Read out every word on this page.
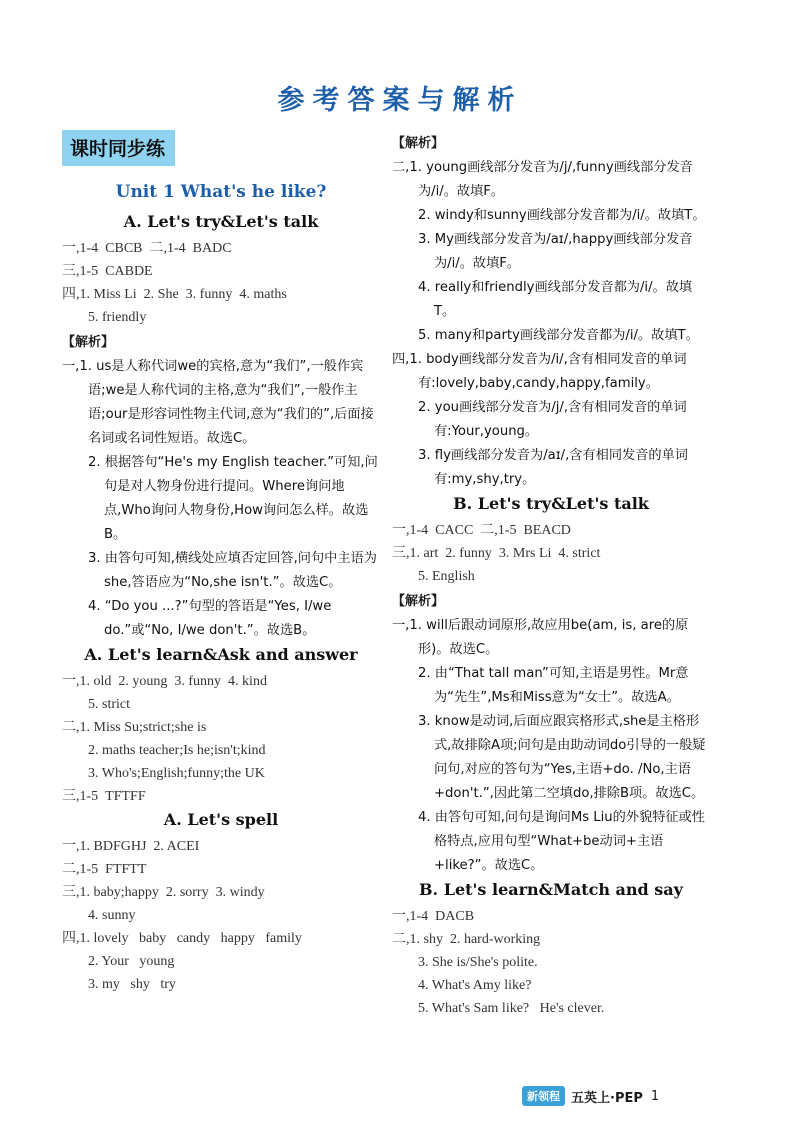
参考答案与解析
课时同步练
Unit 1 What's he like?
A. Let's try&Let's talk
一,1-4  CBCB  二,1-4  BADC
三,1-5  CABDE
四,1. Miss Li  2. She  3. funny  4. maths
5. friendly
【解析】
一,1. us是人称代词we的宾格,意为“我们”,一般作宾语;we是人称代词的主格,意为“我们”,一般作主语;our是形容词性物主代词,意为“我们的”,后面接名词或名词性短语。故选C。
2. 根据答句“He's my English teacher.”可知,问句是对人物身份进行提问。Where询问地点,Who询问人物身份,How询问怎么样。故选B。
3. 由答句可知,横线处应填否定回答,问句中主语为she,答语应为“No,she isn't.”。故选C。
4. “Do you ...?”句型的答语是“Yes, I/we do.”或“No, I/we don't.”。故选B。
A. Let's learn&Ask and answer
一,1. old  2. young  3. funny  4. kind
5. strict
二,1. Miss Su;strict;she is
2. maths teacher;Is he;isn't;kind
3. Who's;English;funny;the UK
三,1-5  TFTFF
A. Let's spell
一,1. BDFGHJ  2. ACEI
二,1-5  FTFTT
三,1. baby;happy  2. sorry  3. windy
4. sunny
四,1. lovely   baby   candy   happy   family
2. Your   young
3. my   shy   try
【解析】
二,1. young画线部分发音为/j/,funny画线部分发音为/i/。故填F。
2. windy和sunny画线部分发音都为/i/。故填T。
3. My画线部分发音为/aɪ/,happy画线部分发音为/i/。故填F。
4. really和friendly画线部分发音都为/i/。故填T。
5. many和party画线部分发音都为/i/。故填T。
四,1. body画线部分发音为/i/,含有相同发音的单词有:lovely,baby,candy,happy,family。
2. you画线部分发音为/j/,含有相同发音的单词有:Your,young。
3. fly画线部分发音为/aɪ/,含有相同发音的单词有:my,shy,try。
B. Let's try&Let's talk
一,1-4  CACC  二,1-5  BEACD
三,1. art  2. funny  3. Mrs Li  4. strict
5. English
【解析】
一,1. will后跟动词原形,故应用be(am, is, are的原形)。故选C。
2. 由“That tall man”可知,主语是男性。Mr意为“先生”,Ms和Miss意为“女士”。故选A。
3. know是动词,后面应跟宾格形式,she是主格形式,故排除A项;问句是由助动词do引导的一般疑问句,对应的答句为“Yes,主语+do. /No,主语+don't.”,因此第二空填do,排除B项。故选C。
4. 由答句可知,问句是询问Ms Liu的外貌特征或性格特点,应用句型“What+be动词+主语+like?”。故选C。
B. Let's learn&Match and say
一,1-4  DACB
二,1. shy  2. hard-working
3. She is/She's polite.
4. What's Amy like?
5. What's Sam like?   He's clever.
新领程 五英上·PEP 1
